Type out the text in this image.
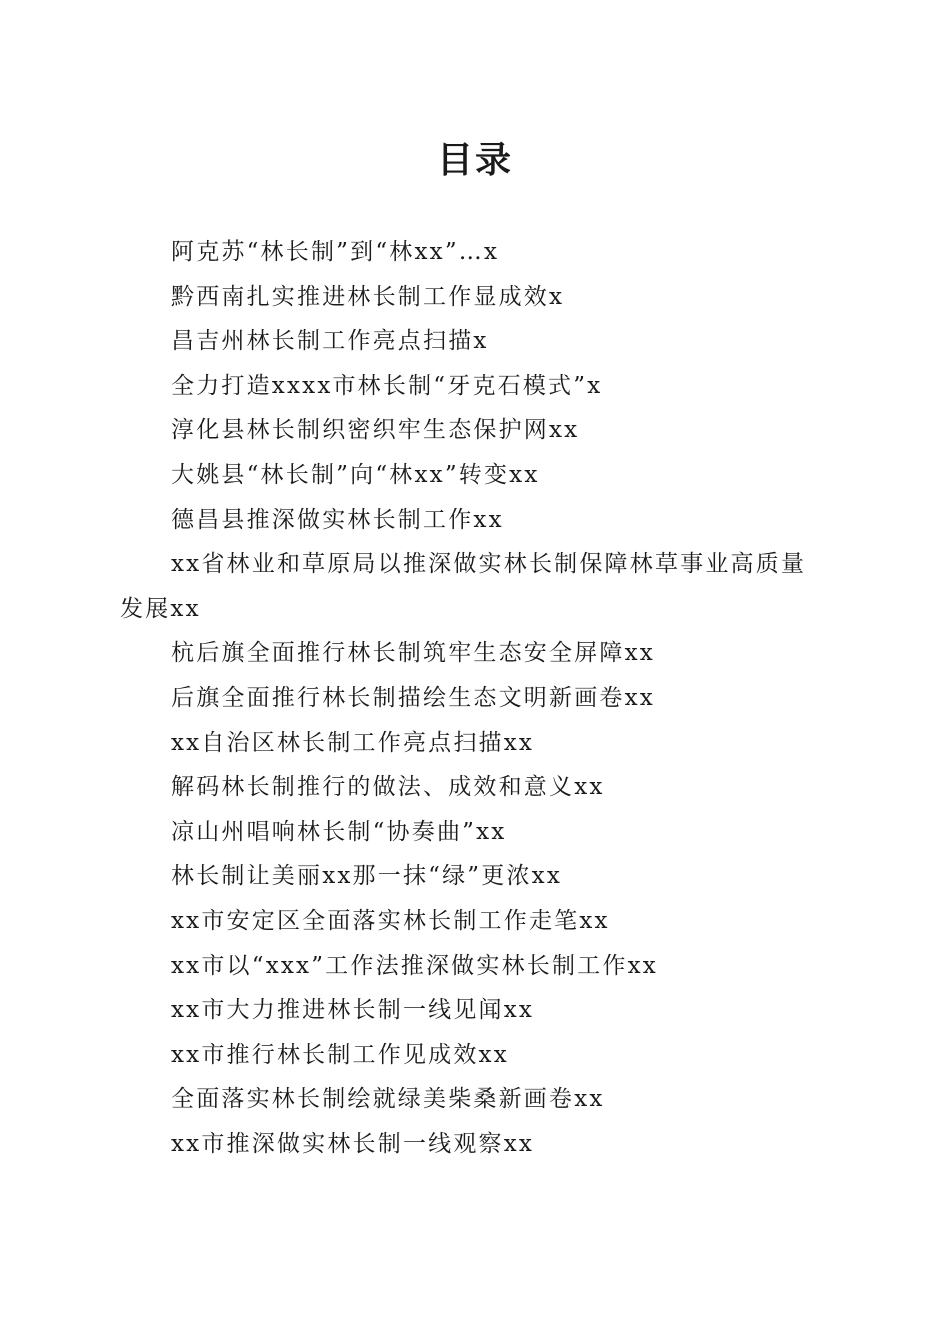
目录
阿克苏“林长制”到“林xx”…x
黔西南扎实推进林长制工作显成效x
昌吉州林长制工作亮点扫描x
全力打造xxxx市林长制“牙克石模式”x
淳化县林长制织密织牢生态保护网xx
大姚县“林长制”向“林xx”转变xx
德昌县推深做实林长制工作xx
xx省林业和草原局以推深做实林长制保障林草事业高质量发展xx
杭后旗全面推行林长制筑牢生态安全屏障xx
后旗全面推行林长制描绘生态文明新画卷xx
xx自治区林长制工作亮点扫描xx
解码林长制推行的做法、成效和意义xx
凉山州唱响林长制“协奏曲”xx
林长制让美丽xx那一抹“绿”更浓xx
xx市安定区全面落实林长制工作走笔xx
xx市以“xxx”工作法推深做实林长制工作xx
xx市大力推进林长制一线见闻xx
xx市推行林长制工作见成效xx
全面落实林长制绘就绿美柴桑新画卷xx
xx市推深做实林长制一线观察xx
